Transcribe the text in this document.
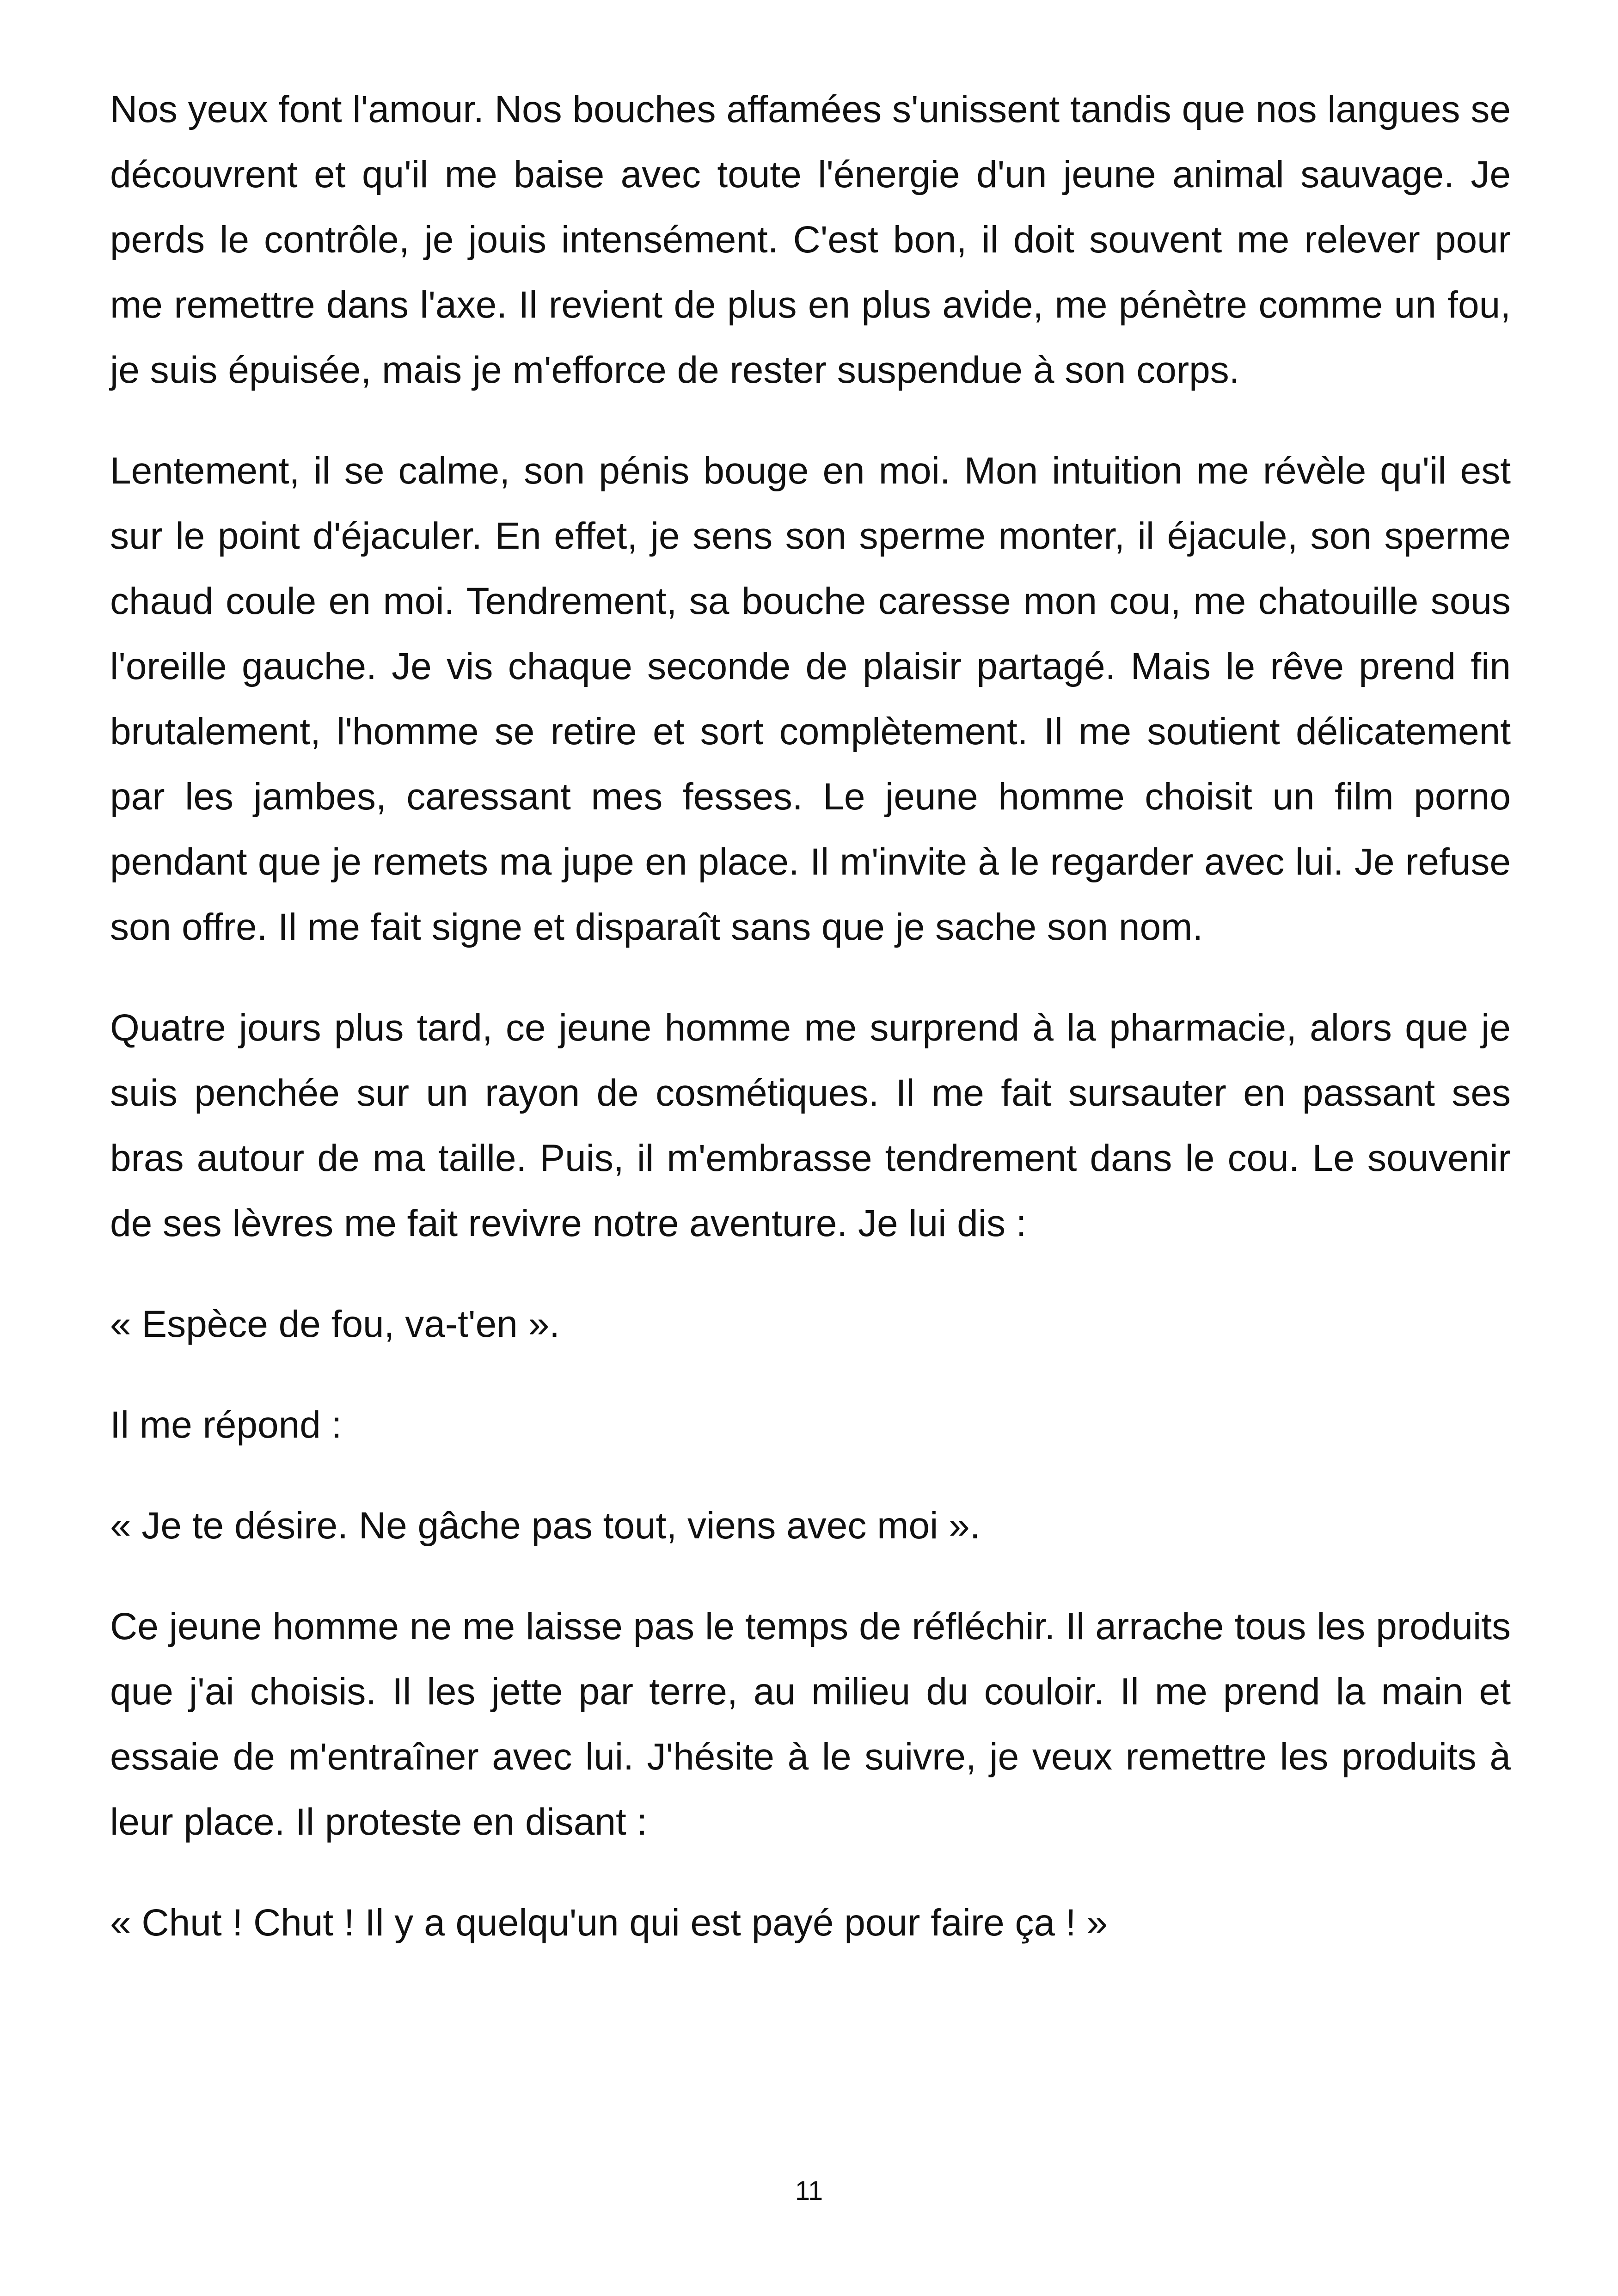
Nos yeux font l'amour. Nos bouches affamées s'unissent tandis que nos langues se découvrent et qu'il me baise avec toute l'énergie d'un jeune animal sauvage. Je perds le contrôle, je jouis intensément. C'est bon, il doit souvent me relever pour me remettre dans l'axe. Il revient de plus en plus avide, me pénètre comme un fou, je suis épuisée, mais je m'efforce de rester suspendue à son corps.

Lentement, il se calme, son pénis bouge en moi. Mon intuition me révèle qu'il est sur le point d'éjaculer. En effet, je sens son sperme monter, il éjacule, son sperme chaud coule en moi. Tendrement, sa bouche caresse mon cou, me chatouille sous l'oreille gauche. Je vis chaque seconde de plaisir partagé. Mais le rêve prend fin brutalement, l'homme se retire et sort complètement. Il me soutient délicatement par les jambes, caressant mes fesses. Le jeune homme choisit un film porno pendant que je remets ma jupe en place. Il m'invite à le regarder avec lui. Je refuse son offre. Il me fait signe et disparaît sans que je sache son nom.

Quatre jours plus tard, ce jeune homme me surprend à la pharmacie, alors que je suis penchée sur un rayon de cosmétiques. Il me fait sursauter en passant ses bras autour de ma taille. Puis, il m'embrasse tendrement dans le cou. Le souvenir de ses lèvres me fait revivre notre aventure. Je lui dis :

« Espèce de fou, va-t'en ».

Il me répond :

« Je te désire. Ne gâche pas tout, viens avec moi ».

Ce jeune homme ne me laisse pas le temps de réfléchir. Il arrache tous les produits que j'ai choisis. Il les jette par terre, au milieu du couloir. Il me prend la main et essaie de m'entraîner avec lui. J'hésite à le suivre, je veux remettre les produits à leur place. Il proteste en disant :

« Chut ! Chut ! Il y a quelqu'un qui est payé pour faire ça ! »

11
